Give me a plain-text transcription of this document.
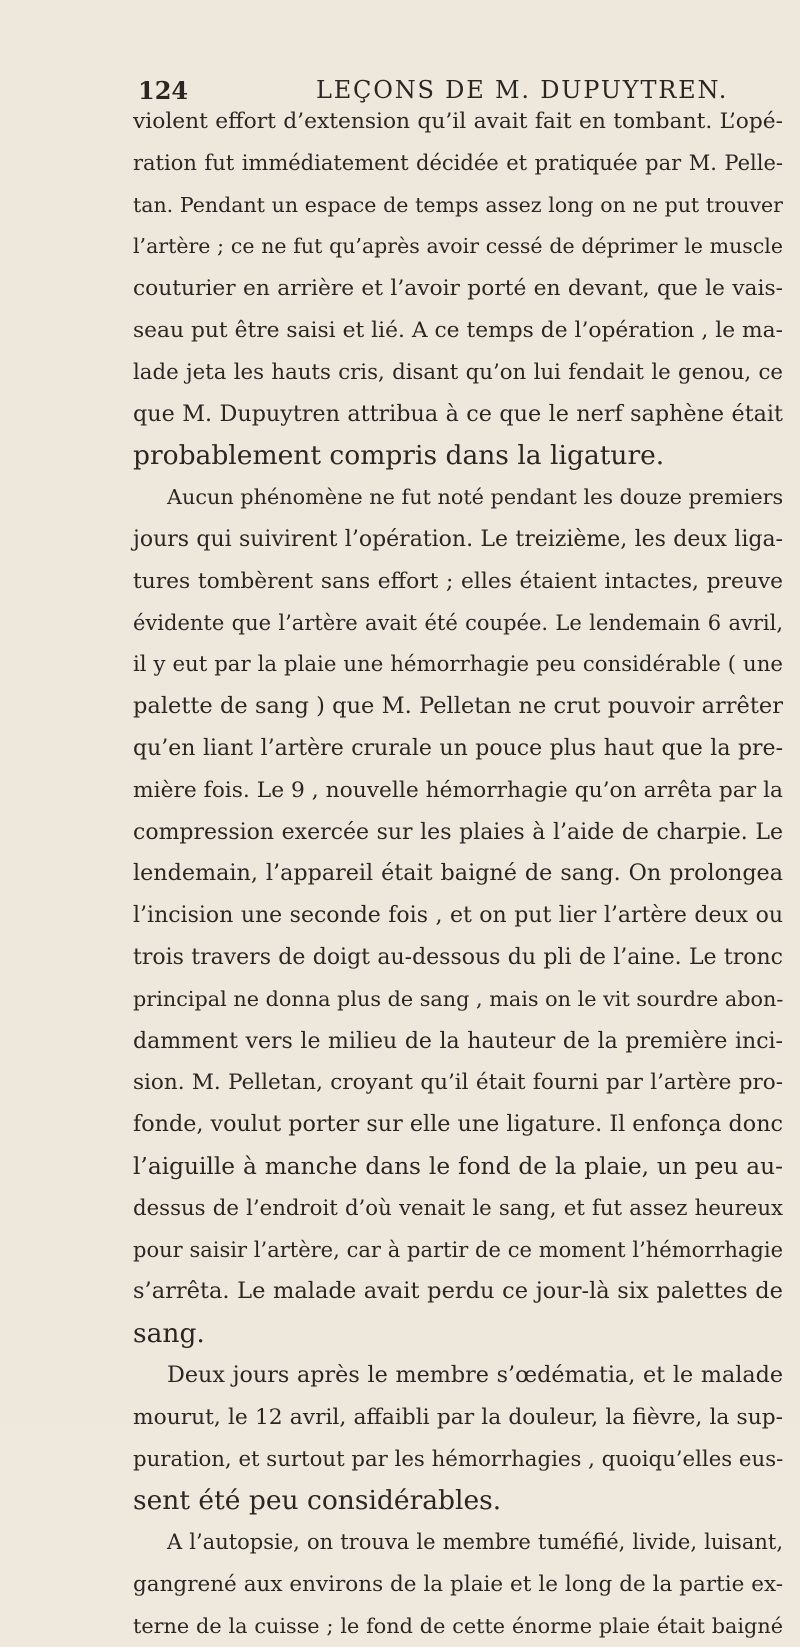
124	LEÇONS DE M. DUPUYTREN.
violent effort d’extension qu’il avait fait en tombant. L’opé-
ration fut immédiatement décidée et pratiquée par M. Pelle-
tan. Pendant un espace de temps assez long on ne put trouver
l’artère ; ce ne fut qu’après avoir cessé de déprimer le muscle
couturier en arrière et l’avoir porté en devant, que le vais-
seau put être saisi et lié. A ce temps de l’opération , le ma-
lade jeta les hauts cris, disant qu’on lui fendait le genou, ce
que M. Dupuytren attribua à ce que le nerf saphène était
probablement compris dans la ligature.
Aucun phénomène ne fut noté pendant les douze premiers
jours qui suivirent l’opération. Le treizième, les deux liga-
tures tombèrent sans effort ; elles étaient intactes, preuve
évidente que l’artère avait été coupée. Le lendemain 6 avril,
il y eut par la plaie une hémorrhagie peu considérable ( une
palette de sang ) que M. Pelletan ne crut pouvoir arrêter
qu’en liant l’artère crurale un pouce plus haut que la pre-
mière fois. Le 9 , nouvelle hémorrhagie qu’on arrêta par la
compression exercée sur les plaies à l’aide de charpie. Le
lendemain, l’appareil était baigné de sang. On prolongea
l’incision une seconde fois , et on put lier l’artère deux ou
trois travers de doigt au-dessous du pli de l’aine. Le tronc
principal ne donna plus de sang , mais on le vit sourdre abon-
damment vers le milieu de la hauteur de la première inci-
sion. M. Pelletan, croyant qu’il était fourni par l’artère pro-
fonde, voulut porter sur elle une ligature. Il enfonça donc
l’aiguille à manche dans le fond de la plaie, un peu au-
dessus de l’endroit d’où venait le sang, et fut assez heureux
pour saisir l’artère, car à partir de ce moment l’hémorrhagie
s’arrêta. Le malade avait perdu ce jour-là six palettes de
sang.
Deux jours après le membre s’œdématia, et le malade
mourut, le 12 avril, affaibli par la douleur, la fièvre, la sup-
puration, et surtout par les hémorrhagies , quoiqu’elles eus-
sent été peu considérables.
A l’autopsie, on trouva le membre tuméfié, livide, luisant,
gangrené aux environs de la plaie et le long de la partie ex-
terne de la cuisse ; le fond de cette énorme plaie était baigné
